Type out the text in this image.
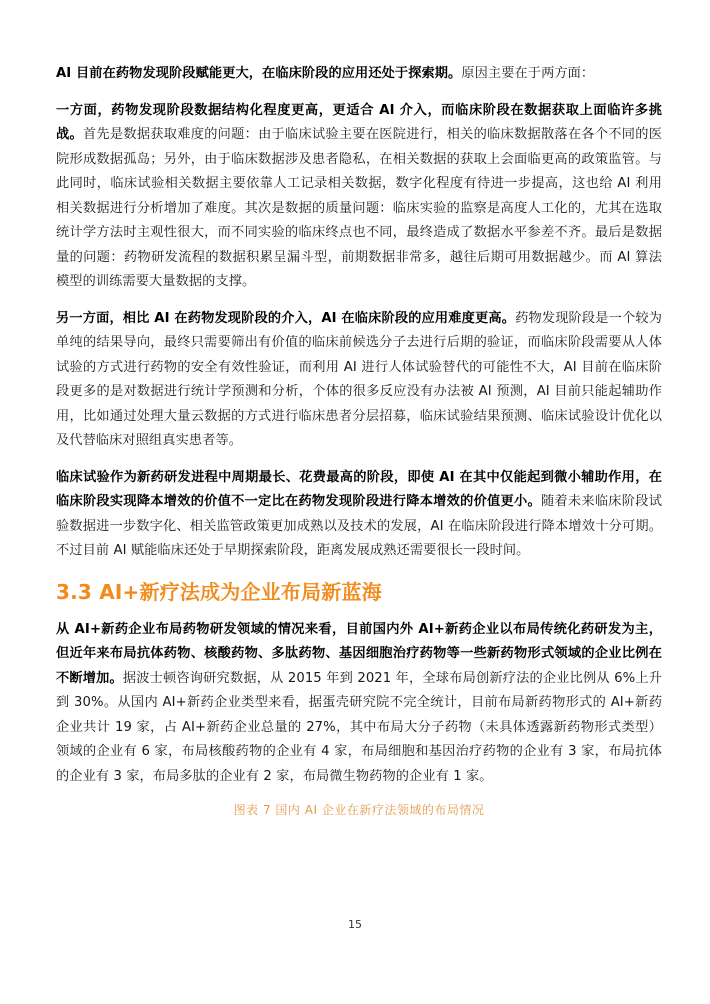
AI 目前在药物发现阶段赋能更大，在临床阶段的应用还处于探索期。原因主要在于两方面：

一方面，药物发现阶段数据结构化程度更高，更适合 AI 介入，而临床阶段在数据获取上面临许多挑战。首先是数据获取难度的问题：由于临床试验主要在医院进行，相关的临床数据散落在各个不同的医院形成数据孤岛；另外，由于临床数据涉及患者隐私，在相关数据的获取上会面临更高的政策监管。与此同时，临床试验相关数据主要依靠人工记录相关数据，数字化程度有待进一步提高，这也给 AI 利用相关数据进行分析增加了难度。其次是数据的质量问题：临床实验的监察是高度人工化的，尤其在选取统计学方法时主观性很大，而不同实验的临床终点也不同，最终造成了数据水平参差不齐。最后是数据量的问题：药物研发流程的数据积累呈漏斗型，前期数据非常多，越往后期可用数据越少。而 AI 算法模型的训练需要大量数据的支撑。

另一方面，相比 AI 在药物发现阶段的介入，AI 在临床阶段的应用难度更高。药物发现阶段是一个较为单纯的结果导向，最终只需要筛出有价值的临床前候选分子去进行后期的验证，而临床阶段需要从人体试验的方式进行药物的安全有效性验证，而利用 AI 进行人体试验替代的可能性不大，AI 目前在临床阶段更多的是对数据进行统计学预测和分析，个体的很多反应没有办法被 AI 预测，AI 目前只能起辅助作用，比如通过处理大量云数据的方式进行临床患者分层招募，临床试验结果预测、临床试验设计优化以及代替临床对照组真实患者等。

临床试验作为新药研发进程中周期最长、花费最高的阶段，即使 AI 在其中仅能起到微小辅助作用，在临床阶段实现降本增效的价值不一定比在药物发现阶段进行降本增效的价值更小。随着未来临床阶段试验数据进一步数字化、相关监管政策更加成熟以及技术的发展，AI 在临床阶段进行降本增效十分可期。不过目前 AI 赋能临床还处于早期探索阶段，距离发展成熟还需要很长一段时间。

3.3 AI+新疗法成为企业布局新蓝海

从 AI+新药企业布局药物研发领域的情况来看，目前国内外 AI+新药企业以布局传统化药研发为主，但近年来布局抗体药物、核酸药物、多肽药物、基因细胞治疗药物等一些新药物形式领域的企业比例在不断增加。据波士顿咨询研究数据，从 2015 年到 2021 年，全球布局创新疗法的企业比例从 6%上升到 30%。从国内 AI+新药企业类型来看，据蛋壳研究院不完全统计，目前布局新药物形式的 AI+新药企业共计 19 家，占 AI+新药企业总量的 27%，其中布局大分子药物（未具体透露新药物形式类型）领域的企业有 6 家，布局核酸药物的企业有 4 家，布局细胞和基因治疗药物的企业有 3 家，布局抗体的企业有 3 家，布局多肽的企业有 2 家，布局微生物药物的企业有 1 家。

图表 7 国内 AI 企业在新疗法领域的布局情况
15
